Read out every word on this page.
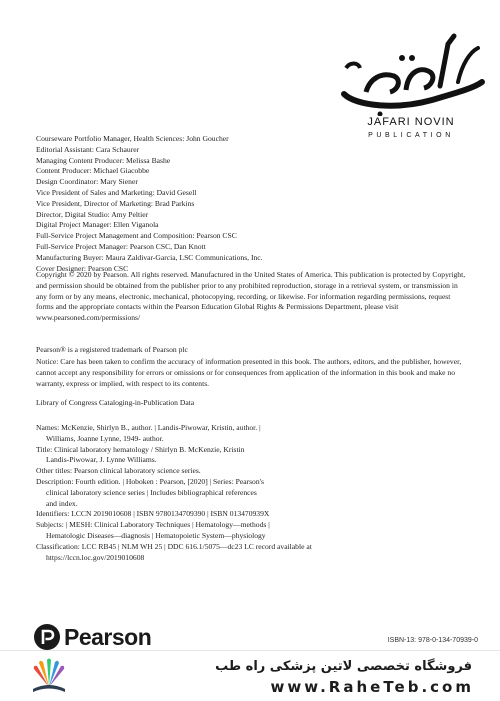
JAFARI NOVIN
PUBLICATION
Courseware Portfolio Manager, Health Sciences: John Goucher
Editorial Assistant: Cara Schaurer
Managing Content Producer: Melissa Bashe
Content Producer: Michael Giacobbe
Design Coordinator: Mary Siener
Vice President of Sales and Marketing: David Gesell
Vice President, Director of Marketing: Brad Parkins
Director, Digital Studio: Amy Peltier
Digital Project Manager: Ellen Viganola
Full-Service Project Management and Composition: Pearson CSC
Full-Service Project Manager: Pearson CSC, Dan Knott
Manufacturing Buyer: Maura Zaldivar-Garcia, LSC Communications, Inc.
Cover Designer: Pearson CSC
Copyright © 2020 by Pearson. All rights reserved. Manufactured in the United States of America. This publication is protected by Copyright, and permission should be obtained from the publisher prior to any prohibited reproduction, storage in a retrieval system, or transmission in any form or by any means, electronic, mechanical, photocopying, recording, or likewise. For information regarding permissions, request forms and the appropriate contacts within the Pearson Education Global Rights & Permissions Department, please visit www.pearsoned.com/permissions/
Pearson® is a registered trademark of Pearson plc
Notice: Care has been taken to confirm the accuracy of information presented in this book. The authors, editors, and the publisher, however, cannot accept any responsibility for errors or omissions or for consequences from application of the information in this book and make no warranty, express or implied, with respect to its contents.
Library of Congress Cataloging-in-Publication Data
Names: McKenzie, Shirlyn B., author. | Landis-Piwowar, Kristin, author. |
Williams, Joanne Lynne, 1949- author.
Title: Clinical laboratory hematology / Shirlyn B. McKenzie, Kristin
Landis-Piwowar, J. Lynne Williams.
Other titles: Pearson clinical laboratory science series.
Description: Fourth edition. | Hoboken : Pearson, [2020] | Series: Pearson's
clinical laboratory science series | Includes bibliographical references
and index.
Identifiers: LCCN 2019010608 | ISBN 9780134709390 | ISBN 013470939X
Subjects: | MESH: Clinical Laboratory Techniques | Hematology—methods |
Hematologic Diseases—diagnosis | Hematopoietic System—physiology
Classification: LCC RB45 | NLM WH 25 | DDC 616.1/5075—dc23 LC record available at
https://lccn.loc.gov/2019010608
Pearson	ISBN-13: 978-0-134-70939-0
فروشگاه تخصصی لاتین پزشکی راه طب
www.RaheTeb.com
